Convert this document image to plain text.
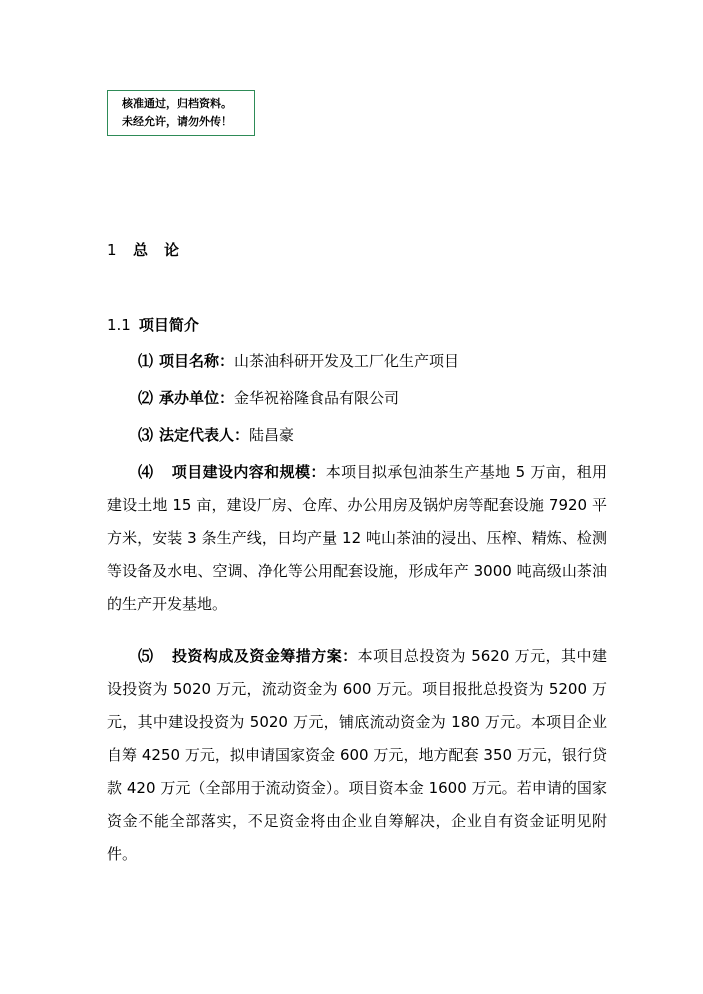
核准通过，归档资料。
未经允许，请勿外传！
1 总论
1.1 项目简介
⑴ 项目名称：山茶油科研开发及工厂化生产项目
⑵ 承办单位：金华祝裕隆食品有限公司
⑶ 法定代表人：陆昌豪
⑷ 项目建设内容和规模：本项目拟承包油茶生产基地 5 万亩，租用建设土地 15 亩，建设厂房、仓库、办公用房及锅炉房等配套设施 7920 平方米，安装 3 条生产线，日均产量 12 吨山茶油的浸出、压榨、精炼、检测等设备及水电、空调、净化等公用配套设施，形成年产 3000 吨高级山茶油的生产开发基地。
⑸ 投资构成及资金筹措方案：本项目总投资为 5620 万元，其中建设投资为 5020 万元，流动资金为 600 万元。项目报批总投资为 5200 万元，其中建设投资为 5020 万元，铺底流动资金为 180 万元。本项目企业自筹 4250 万元，拟申请国家资金 600 万元，地方配套 350 万元，银行贷款 420 万元（全部用于流动资金）。项目资本金 1600 万元。若申请的国家资金不能全部落实，不足资金将由企业自筹解决，企业自有资金证明见附件。
